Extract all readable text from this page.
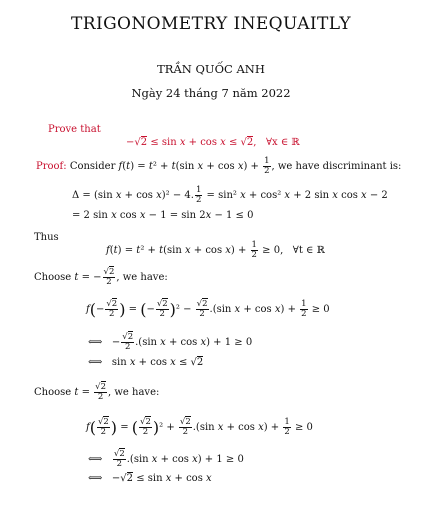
TRIGONOMETRY INEQUAITLY
TRẦN QUỐC ANH
Ngày 24 tháng 7 năm 2022
Prove that
−√2 ≤ sin x + cos x ≤ √2,   ∀x ∈ ℝ
Proof: Consider f(t) = t² + t(sin $x + \cos x) + \frac{1}{2}$ , we have discriminant is:
Δ = (sin x + cos x)² − 4. $\frac{1}{2} = \sin^2$ x + cos² x + 2 sin x cos x − 2
= 2 sin x cos x − 1 = sin 2x − 1 ≤ 0
Thus
f(t) = t² + t(sin $x + \cos x) + \frac{1}{2} \ge 0$,   ∀t ∈ ℝ
Choose t = − $\frac{√2}{2}$ , we have:
$f(- \frac{√2}{2}$ ) = (− $\frac{√2}{2} )^2 - \frac{√2}{2} .(\sin$ $x + \cos x) + \frac{1}{2} \ge 0$
⟺   − $\frac{√2}{2} .(\sin$ x + cos x) + 1 ≥ 0
⟺   sin x + cos x ≤ √2
Choose $t = \frac{√2}{2}$ , we have:
$f( \frac{√2}{2}$ ) = ( $\frac{√2}{2} )^2 + \frac{√2}{2} .(\sin$ $x + \cos x) + \frac{1}{2} \ge 0$
⟺ $\frac{√2}{2} .(\sin$ x + cos x) + 1 ≥ 0
⟺   −√2 ≤ sin x + cos x
